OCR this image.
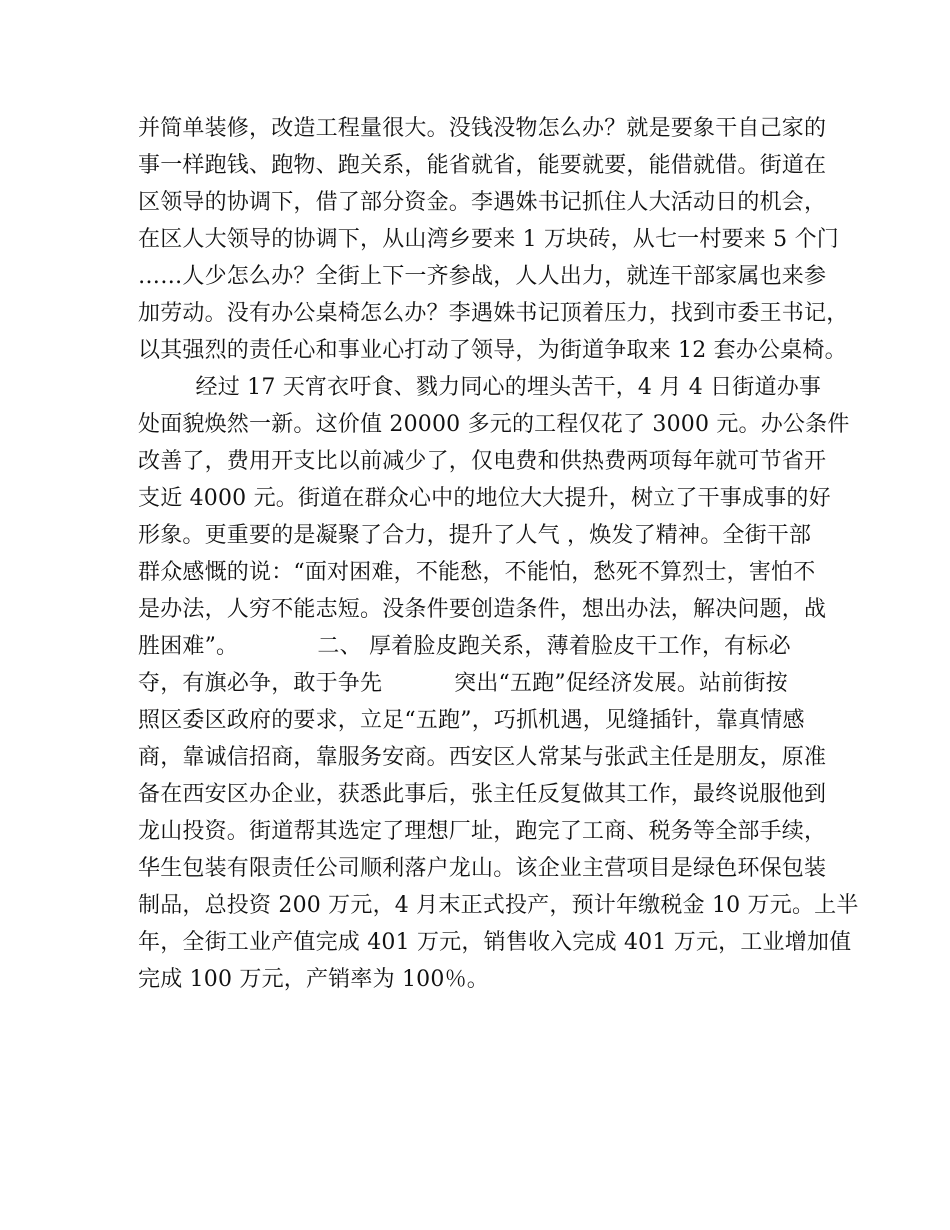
并简单装修，改造工程量很大。没钱没物怎么办？就是要象干自己家的
事一样跑钱、跑物、跑关系，能省就省，能要就要，能借就借。街道在
区领导的协调下，借了部分资金。李遇姝书记抓住人大活动日的机会，
在区人大领导的协调下，从山湾乡要来 1 万块砖，从七一村要来 5 个门
……人少怎么办？全街上下一齐参战，人人出力，就连干部家属也来参
加劳动。没有办公桌椅怎么办？李遇姝书记顶着压力，找到市委王书记，
以其强烈的责任心和事业心打动了领导，为街道争取来 12 套办公桌椅。
经过 17 天宵衣吁食、戮力同心的埋头苦干，4 月 4 日街道办事
处面貌焕然一新。这价值 20000 多元的工程仅花了 3000 元。办公条件
改善了，费用开支比以前减少了，仅电费和供热费两项每年就可节省开
支近 4000 元。街道在群众心中的地位大大提升，树立了干事成事的好
形象。更重要的是凝聚了合力，提升了人气 ，焕发了精神。全街干部
群众感慨的说：“面对困难，不能愁，不能怕，愁死不算烈士，害怕不
是办法，人穷不能志短。没条件要创造条件，想出办法，解决问题，战
胜困难”。           二、 厚着脸皮跑关系，薄着脸皮干工作，有标必
夺，有旗必争，敢于争先          突出“五跑”促经济发展。站前街按
照区委区政府的要求，立足“五跑”，巧抓机遇，见缝插针，靠真情感
商，靠诚信招商，靠服务安商。西安区人常某与张武主任是朋友，原准
备在西安区办企业，获悉此事后，张主任反复做其工作，最终说服他到
龙山投资。街道帮其选定了理想厂址，跑完了工商、税务等全部手续，
华生包装有限责任公司顺利落户龙山。该企业主营项目是绿色环保包装
制品，总投资 200 万元，4 月末正式投产，预计年缴税金 10 万元。上半
年，全街工业产值完成 401 万元，销售收入完成 401 万元，工业增加值
完成 100 万元，产销率为 100％。
